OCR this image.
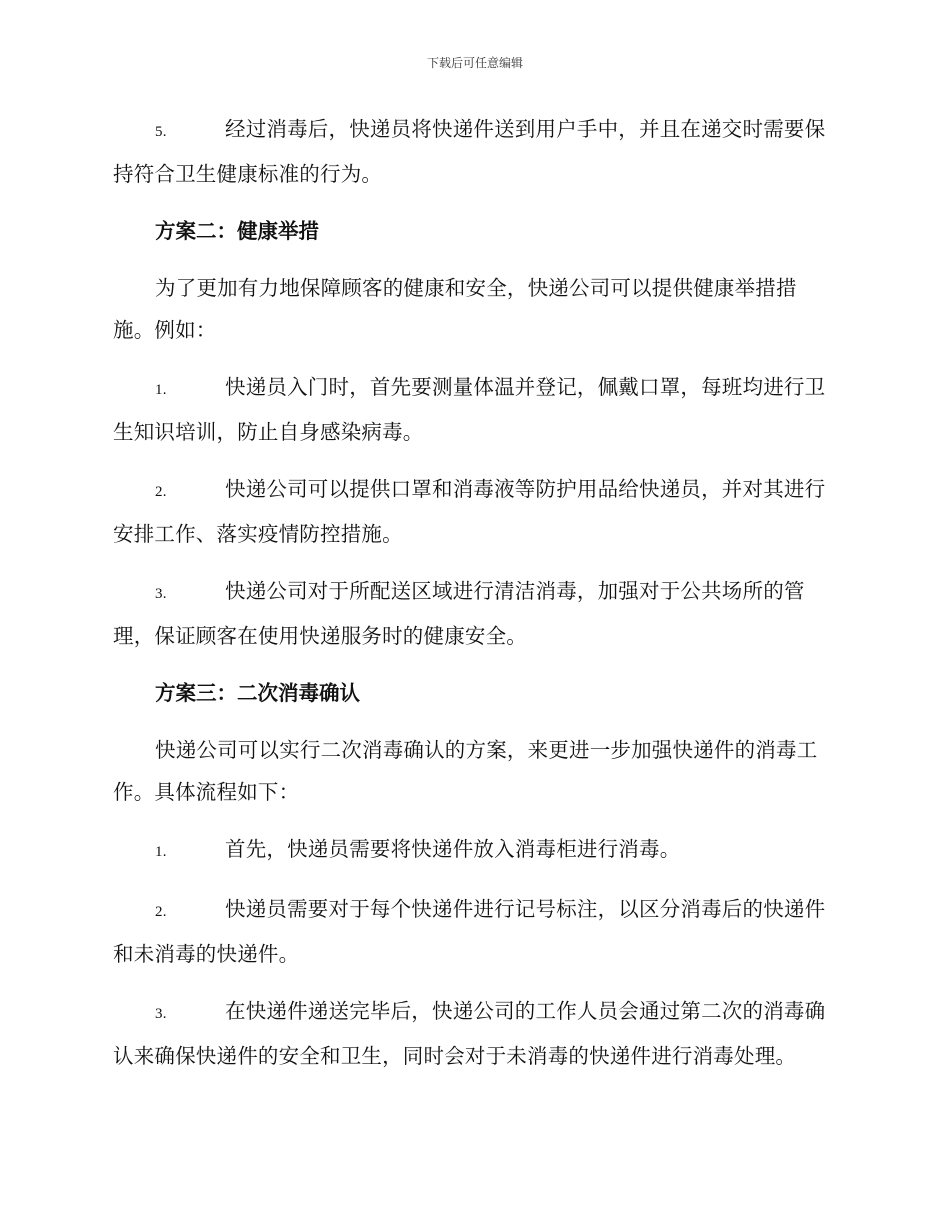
下载后可任意编辑

5.	经过消毒后，快递员将快递件送到用户手中，并且在递交时需要保持符合卫生健康标准的行为。

方案二：健康举措

为了更加有力地保障顾客的健康和安全，快递公司可以提供健康举措措施。例如：

1.	快递员入门时，首先要测量体温并登记，佩戴口罩，每班均进行卫生知识培训，防止自身感染病毒。

2.	快递公司可以提供口罩和消毒液等防护用品给快递员，并对其进行安排工作、落实疫情防控措施。

3.	快递公司对于所配送区域进行清洁消毒，加强对于公共场所的管理，保证顾客在使用快递服务时的健康安全。

方案三：二次消毒确认

快递公司可以实行二次消毒确认的方案，来更进一步加强快递件的消毒工作。具体流程如下：

1.	首先，快递员需要将快递件放入消毒柜进行消毒。

2.	快递员需要对于每个快递件进行记号标注，以区分消毒后的快递件和未消毒的快递件。

3.	在快递件递送完毕后，快递公司的工作人员会通过第二次的消毒确认来确保快递件的安全和卫生，同时会对于未消毒的快递件进行消毒处理。
